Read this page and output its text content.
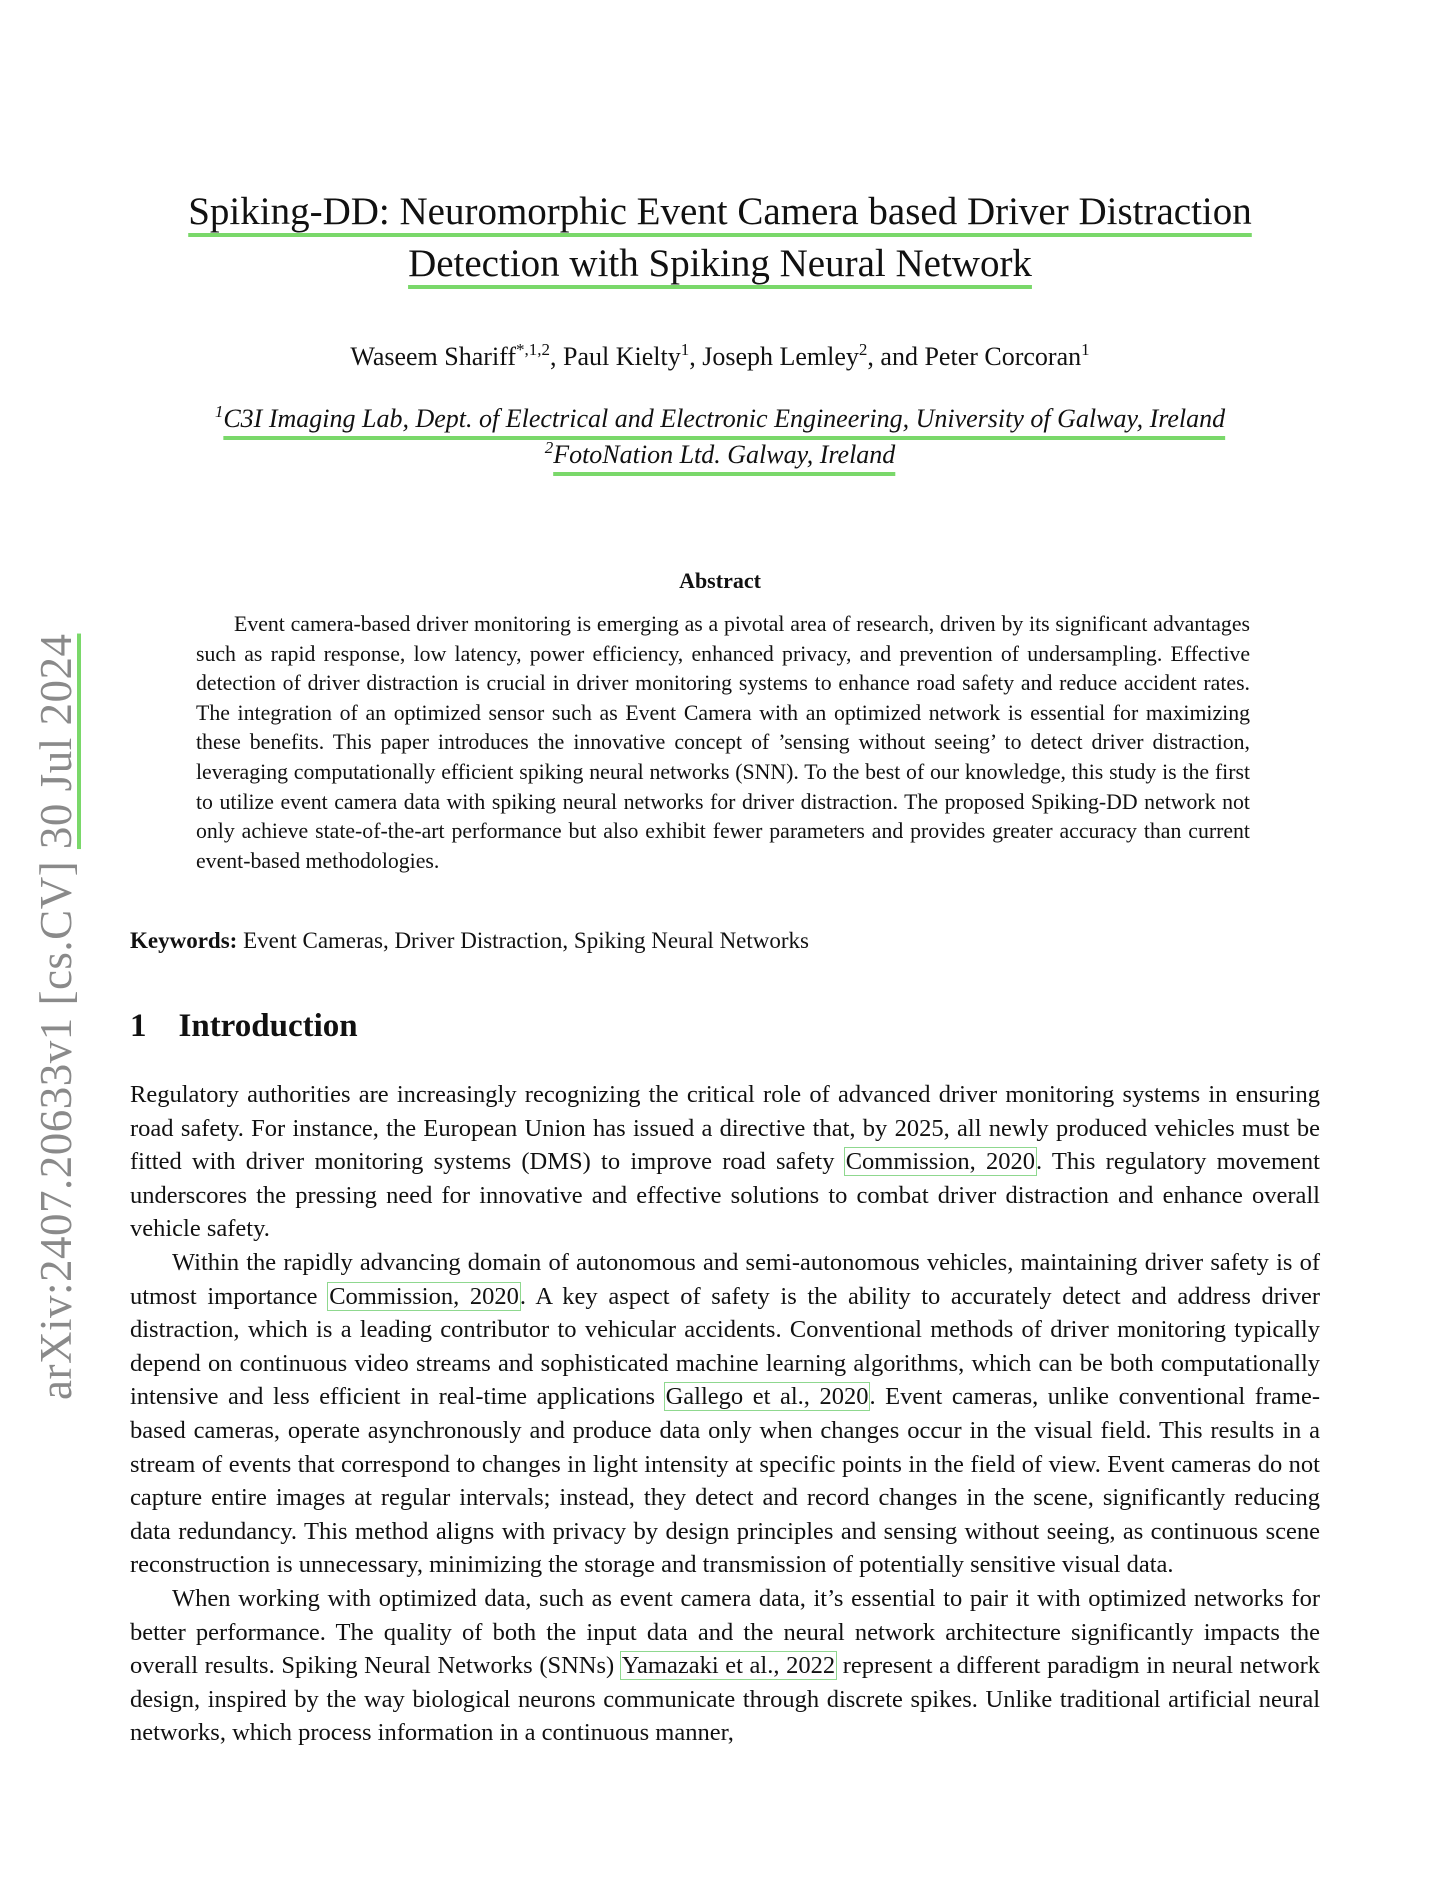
arXiv:2407.20633v1 [cs.CV] 30 Jul 2024
Spiking-DD: Neuromorphic Event Camera based Driver Distraction
Detection with Spiking Neural Network
Waseem Shariff$^{*,1,2}$, Paul Kielty$^1$, Joseph Lemley$^2$, and Peter Corcoran$^1$
$^1$C3I Imaging Lab, Dept. of Electrical and Electronic Engineering, University of Galway, Ireland
$^2$FotoNation Ltd. Galway, Ireland
Abstract
Event camera-based driver monitoring is emerging as a pivotal area of research, driven by its significant advantages such as rapid response, low latency, power efficiency, enhanced privacy, and prevention of undersampling. Effective detection of driver distraction is crucial in driver monitoring systems to enhance road safety and reduce accident rates. The integration of an optimized sensor such as Event Camera with an optimized network is essential for maximizing these benefits. This paper introduces the innovative concept of ’sensing without seeing’ to detect driver distraction, leveraging computationally efficient spiking neural networks (SNN). To the best of our knowledge, this study is the first to utilize event camera data with spiking neural networks for driver distraction. The proposed Spiking-DD network not only achieve state-of-the-art performance but also exhibit fewer parameters and provides greater accuracy than current event-based methodologies.
Keywords: Event Cameras, Driver Distraction, Spiking Neural Networks
1 Introduction

Regulatory authorities are increasingly recognizing the critical role of advanced driver monitoring systems in ensuring road safety. For instance, the European Union has issued a directive that, by 2025, all newly produced vehicles must be fitted with driver monitoring systems (DMS) to improve road safety Commission, 2020. This regulatory movement underscores the pressing need for innovative and effective solutions to combat driver distraction and enhance overall vehicle safety.

Within the rapidly advancing domain of autonomous and semi-autonomous vehicles, maintaining driver safety is of utmost importance Commission, 2020. A key aspect of safety is the ability to accurately detect and address driver distraction, which is a leading contributor to vehicular accidents. Conventional methods of driver monitoring typically depend on continuous video streams and sophisticated machine learning algorithms, which can be both computationally intensive and less efficient in real-time applications Gallego et al., 2020. Event cameras, unlike conventional frame-based cameras, operate asynchronously and produce data only when changes occur in the visual field. This results in a stream of events that correspond to changes in light intensity at specific points in the field of view. Event cameras do not capture entire images at regular intervals; instead, they detect and record changes in the scene, significantly reducing data redundancy. This method aligns with privacy by design principles and sensing without seeing, as continuous scene reconstruction is unnecessary, minimizing the storage and transmission of potentially sensitive visual data.

When working with optimized data, such as event camera data, it’s essential to pair it with optimized networks for better performance. The quality of both the input data and the neural network architecture significantly impacts the overall results. Spiking Neural Networks (SNNs) Yamazaki et al., 2022 represent a different paradigm in neural network design, inspired by the way biological neurons communicate through discrete spikes. Unlike traditional artificial neural networks, which process information in a continuous manner,
